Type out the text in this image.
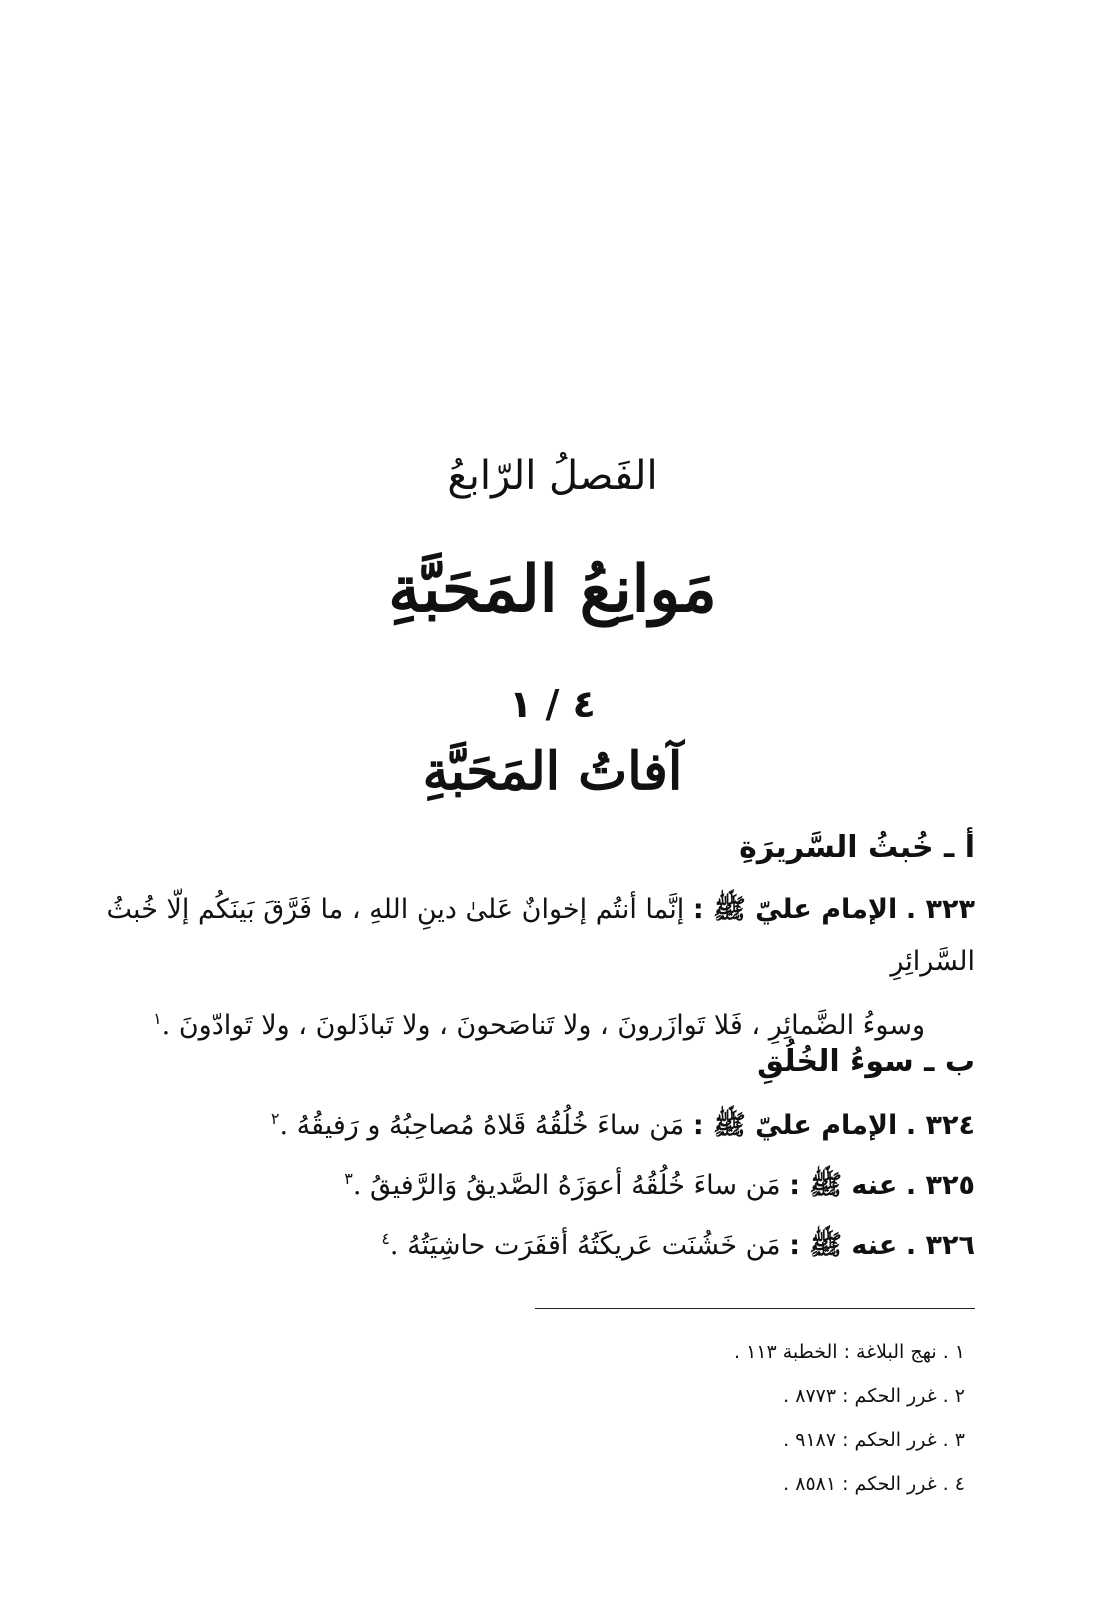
الفَصلُ الرّابعُ
مَوانِعُ المَحَبَّةِ
٤ / ١
آفاتُ المَحَبَّةِ
أ ـ خُبثُ السَّريرَةِ
٣٢٣ . الإمام عليّ ﷺ : إنَّما أنتُم إخوانٌ عَلىٰ دينِ اللهِ ، ما فَرَّقَ بَينَكُم إلّا خُبثُ السَّرائِرِ
وسوءُ الضَّمائِرِ ، فَلا تَوازَرونَ ، ولا تَناصَحونَ ، ولا تَباذَلونَ ، ولا تَوادّونَ .$^١$
ب ـ سوءُ الخُلُقِ
٣٢٤ . الإمام عليّ ﷺ : مَن ساءَ خُلُقُهُ قَلاهُ مُصاحِبُهُ و رَفيقُهُ .$^٢$
٣٢٥ . عنه ﷺ : مَن ساءَ خُلُقُهُ أعوَزَهُ الصَّديقُ وَالرَّفيقُ .$^٣$
٣٢٦ . عنه ﷺ : مَن خَشُنَت عَريكَتُهُ أقفَرَت حاشِيَتُهُ .$^٤$
١ . نهج البلاغة : الخطبة ١١٣ .
٢ . غرر الحكم : ٨٧٧٣ .
٣ . غرر الحكم : ٩١٨٧ .
٤ . غرر الحكم : ٨٥٨١ .
